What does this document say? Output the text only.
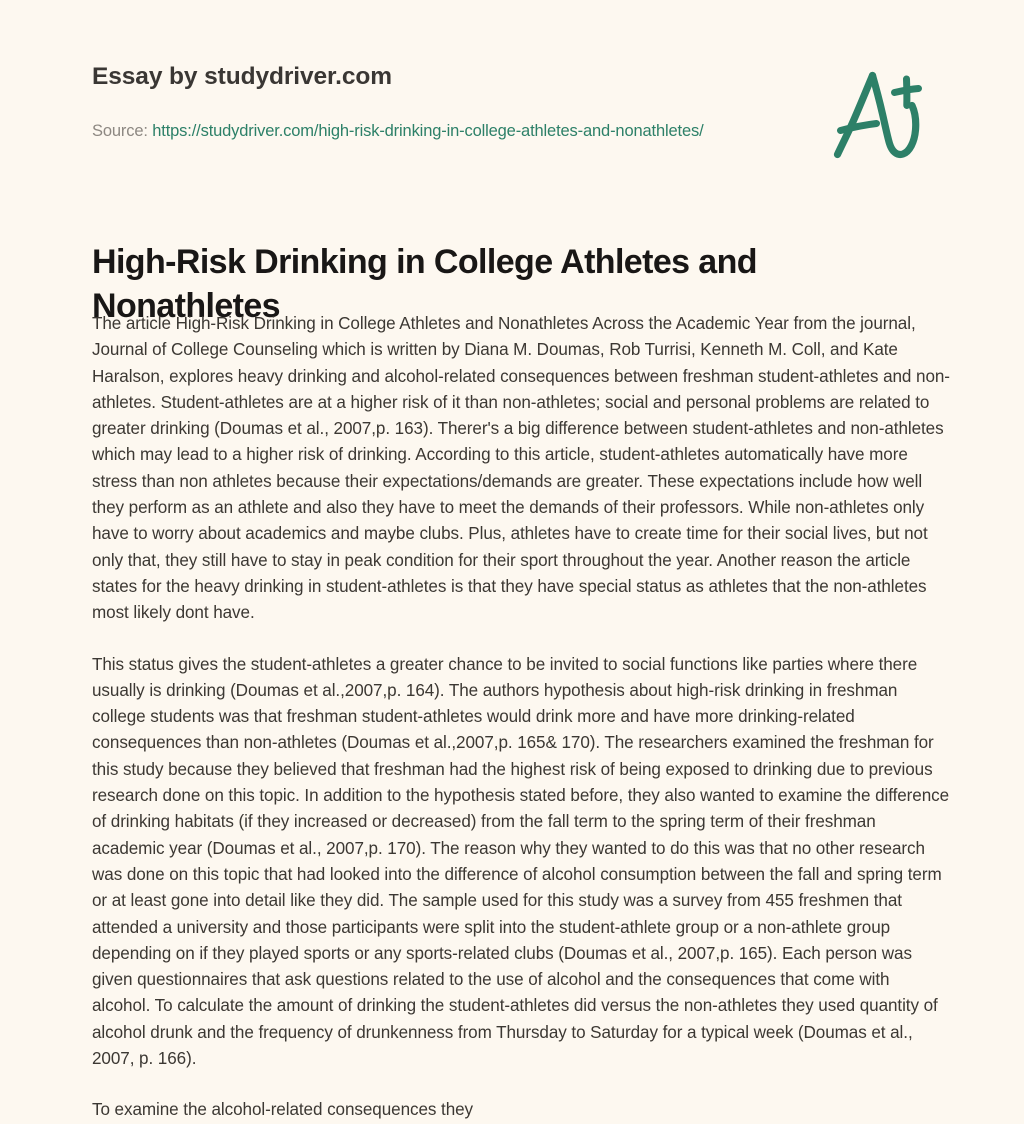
Essay by studydriver.com
Source: https://studydriver.com/high-risk-drinking-in-college-athletes-and-nonathletes/
High-Risk Drinking in College Athletes and Nonathletes

The article High-Risk Drinking in College Athletes and Nonathletes Across the Academic Year from the journal, Journal of College Counseling which is written by Diana M. Doumas, Rob Turrisi, Kenneth M. Coll, and Kate Haralson, explores heavy drinking and alcohol-related consequences between freshman student-athletes and non-athletes. Student-athletes are at a higher risk of it than non-athletes; social and personal problems are related to greater drinking (Doumas et al., 2007,p. 163). Therer's a big difference between student-athletes and non-athletes which may lead to a higher risk of drinking. According to this article, student-athletes automatically have more stress than non athletes because their expectations/demands are greater. These expectations include how well they perform as an athlete and also they have to meet the demands of their professors. While non-athletes only have to worry about academics and maybe clubs. Plus, athletes have to create time for their social lives, but not only that, they still have to stay in peak condition for their sport throughout the year. Another reason the article states for the heavy drinking in student-athletes is that they have special status as athletes that the non-athletes most likely dont have.

This status gives the student-athletes a greater chance to be invited to social functions like parties where there usually is drinking (Doumas et al.,2007,p. 164). The authors hypothesis about high-risk drinking in freshman college students was that freshman student-athletes would drink more and have more drinking-related consequences than non-athletes (Doumas et al.,2007,p. 165& 170). The researchers examined the freshman for this study because they believed that freshman had the highest risk of being exposed to drinking due to previous research done on this topic. In addition to the hypothesis stated before, they also wanted to examine the difference of drinking habitats (if they increased or decreased) from the fall term to the spring term of their freshman academic year (Doumas et al., 2007,p. 170). The reason why they wanted to do this was that no other research was done on this topic that had looked into the difference of alcohol consumption between the fall and spring term or at least gone into detail like they did. The sample used for this study was a survey from 455 freshmen that attended a university and those participants were split into the student-athlete group or a non-athlete group depending on if they played sports or any sports-related clubs (Doumas et al., 2007,p. 165). Each person was given questionnaires that ask questions related to the use of alcohol and the consequences that come with alcohol. To calculate the amount of drinking the student-athletes did versus the non-athletes they used quantity of alcohol drunk and the frequency of drunkenness from Thursday to Saturday for a typical week (Doumas et al., 2007, p. 166).

To examine the alcohol-related consequences they
